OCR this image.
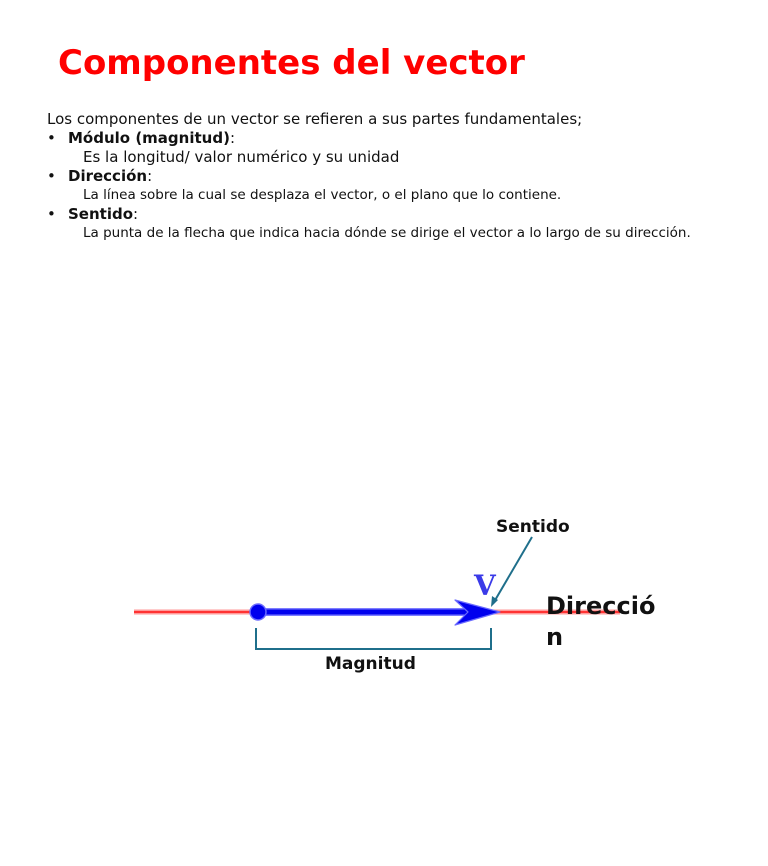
Componentes del vector

Los componentes de un vector se refieren a sus partes fundamentales;

• Módulo (magnitud):

Es la longitud/ valor numérico y su unidad

• Dirección:

La línea sobre la cual se desplaza el vector, o el plano que lo contiene.

• Sentido:

La punta de la flecha que indica hacia dónde se dirige el vector a lo largo de su dirección.

V
Sentido
Dirección
Magnitud
